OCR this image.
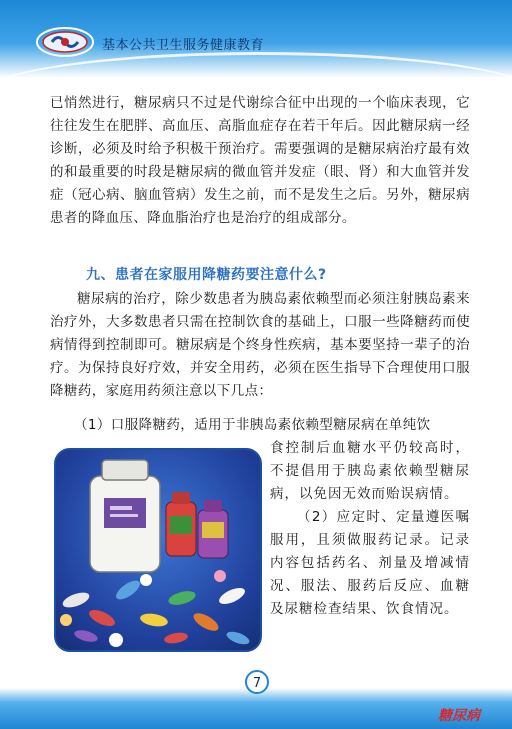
基本公共卫生服务健康教育

已悄然进行，糖尿病只不过是代谢综合征中出现的一个临床表现，它往往发生在肥胖、高血压、高脂血症存在若干年后。因此糖尿病一经诊断，必须及时给予积极干预治疗。需要强调的是糖尿病治疗最有效的和最重要的时段是糖尿病的微血管并发症（眼、肾）和大血管并发症（冠心病、脑血管病）发生之前，而不是发生之后。另外，糖尿病患者的降血压、降血脂治疗也是治疗的组成部分。

九、患者在家服用降糖药要注意什么?

糖尿病的治疗，除少数患者为胰岛素依赖型而必须注射胰岛素来治疗外，大多数患者只需在控制饮食的基础上，口服一些降糖药而使病情得到控制即可。糖尿病是个终身性疾病，基本要坚持一辈子的治疗。为保持良好疗效，并安全用药，必须在医生指导下合理使用口服降糖药，家庭用药须注意以下几点：

（1）口服降糖药，适用于非胰岛素依赖型糖尿病在单纯饮

食控制后血糖水平仍较高时，不提倡用于胰岛素依赖型糖尿病，以免因无效而贻误病情。

（2）应定时、定量遵医嘱服用，且须做服药记录。记录内容包括药名、剂量及增减情况、服法、服药后反应、血糖及尿糖检查结果、饮食情况。

7
糖尿病
